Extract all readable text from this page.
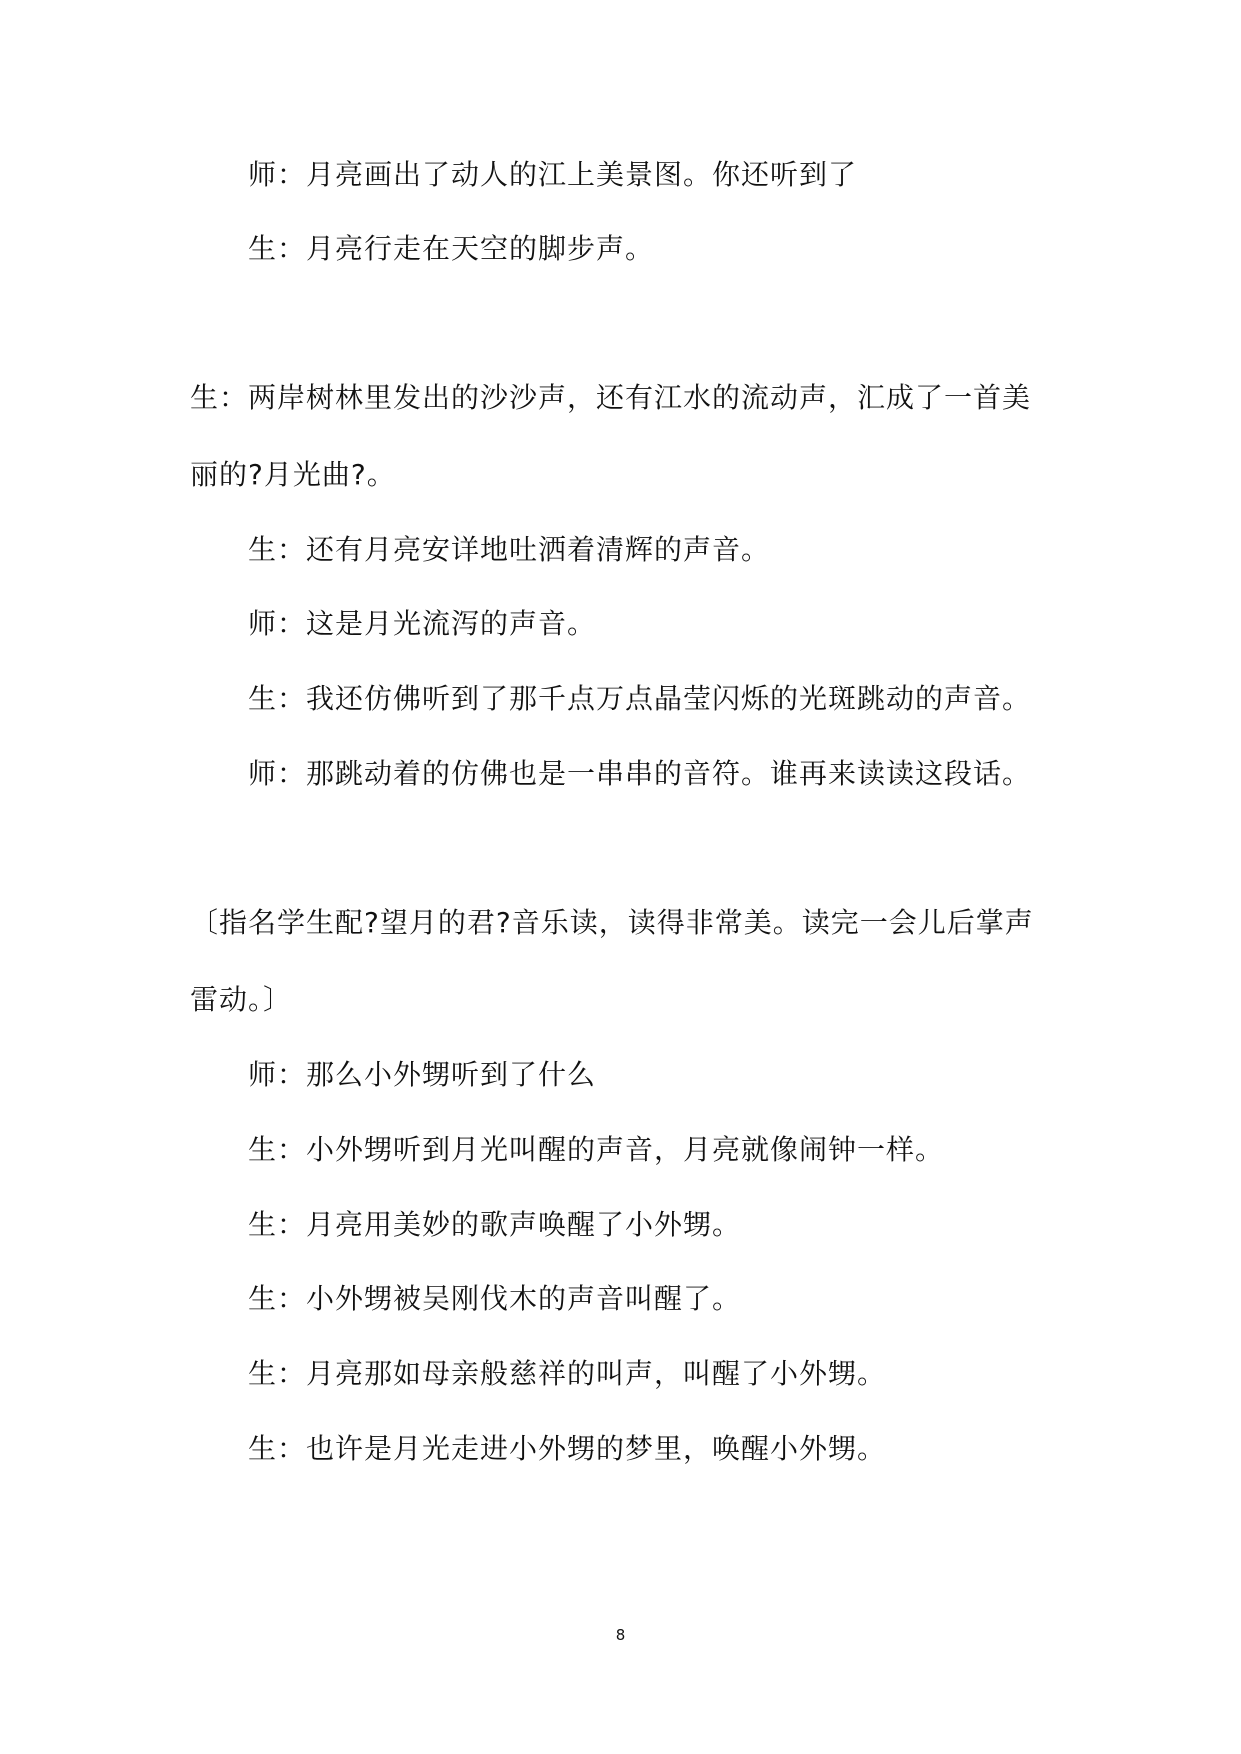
师：月亮画出了动人的江上美景图。你还听到了
生：月亮行走在天空的脚步声。
生：两岸树林里发出的沙沙声，还有江水的流动声，汇成了一首美
丽的?月光曲?。
生：还有月亮安详地吐洒着清辉的声音。
师：这是月光流泻的声音。
生：我还仿佛听到了那千点万点晶莹闪烁的光斑跳动的声音。
师：那跳动着的仿佛也是一串串的音符。谁再来读读这段话。
〔指名学生配?望月的君?音乐读，读得非常美。读完一会儿后掌声
雷动。〕
师：那么小外甥听到了什么
生：小外甥听到月光叫醒的声音，月亮就像闹钟一样。
生：月亮用美妙的歌声唤醒了小外甥。
生：小外甥被吴刚伐木的声音叫醒了。
生：月亮那如母亲般慈祥的叫声，叫醒了小外甥。
生：也许是月光走进小外甥的梦里，唤醒小外甥。
8
